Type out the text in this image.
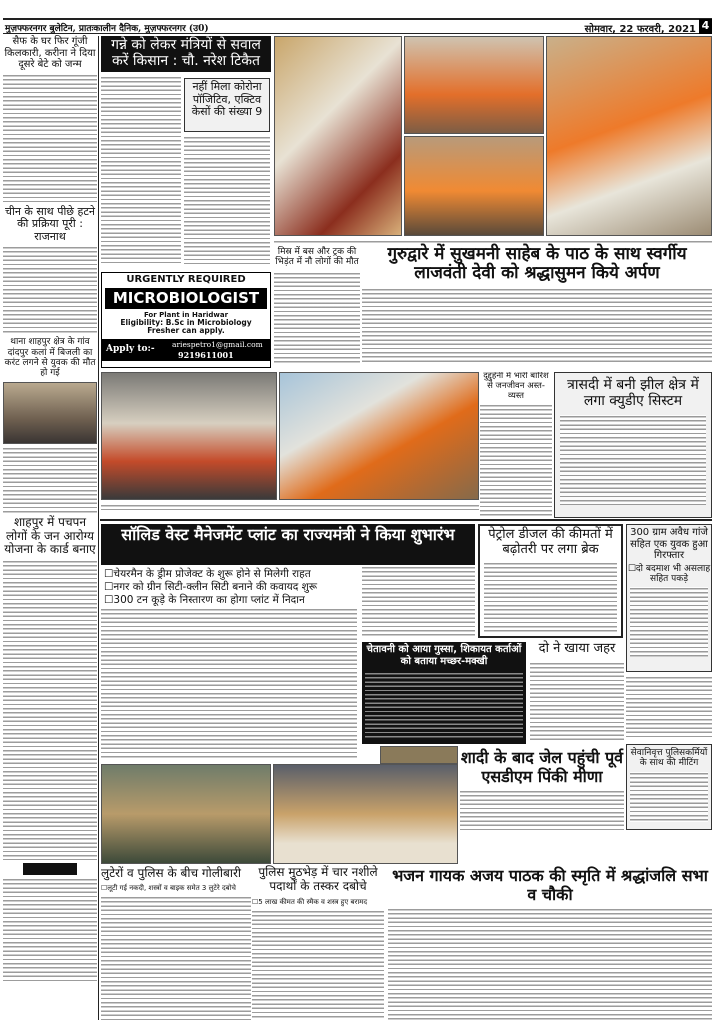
मुज़फ्फरनगर बुलेटिन, प्रातःकालीन दैनिक, मुज़फ्फरनगर (उ0)	सोमवार, 22 फरवरी, 2021 4
सैफ के घर फिर गूंजी किलकारी, करीना ने दिया दूसरे बेटे को जन्म
चीन के साथ पीछे हटने की प्रक्रिया पूरी : राजनाथ
थाना शाहपुर क्षेत्र के गांव दांदपुर कलां में बिजली का करंट लगने से युवक की मौत हो गई
शाहपुर में पचपन लोगों के जन आरोग्य योजना के कार्ड बनाए
गन्ने को लेकर मंत्रियों से सवाल करें किसान : चौ. नरेश टिकैत
नहीं मिला कोरोना पॉजिटिव, एक्टिव केसों की संख्या 9
URGENTLY REQUIRED
MICROBIOLOGIST
For Plant in Haridwar
Eligibility: B.Sc in Microbiology
Fresher can apply.
Apply to:- ariespetro1@gmail.com
9219611001
मिस्र में बस और ट्रक की भिड़ंत में नौ लोगों की मौत	गुरुद्वारे में सुखमनी साहेब के पाठ के साथ स्वर्गीय लाजवंती देवी को श्रद्धासुमन किये अर्पण
दुद्दुहेनी में भारी बारिश से जनजीवन अस्त-व्यस्त
त्रासदी में बनी झील क्षेत्र में लगा क्युडीए सिस्टम
सॉलिड वेस्ट मैनेजमेंट प्लांट का राज्यमंत्री ने किया शुभारंभ
☐चेयरमैन के ड्रीम प्रोजेक्ट के शुरू होने से मिलेगी राहत
☐नगर को ग्रीन सिटी-क्लीन सिटी बनाने की कवायद शुरू
☐300 टन कूड़े के निस्तारण का होगा प्लांट में निदान
पेट्रोल डीजल की कीमतों में बढ़ोतरी पर लगा ब्रेक
300 ग्राम अवैध गांजे सहित एक युवक हुआ गिरफ्तार
☐दो बदमाश भी असलाह सहित पकड़े
सेवानिवृत्त पुलिसकर्मियों के साथ की मीटिंग
चेतावनी को आया गुस्सा, शिकायत कर्ताओं को बताया मच्छर-मक्खी
दो ने खाया जहर
शादी के बाद जेल पहुंची पूर्व एसडीएम पिंकी मीणा
लुटेरों व पुलिस के बीच गोलीबारी
☐लूटी गई नकदी, शस्त्रों व बाइक समेत 3 लुटेरे दबोचे
पुलिस मुठभेड़ में चार नशीले पदार्थों के तस्कर दबोचे
☐5 लाख कीमत की स्मैक व शस्त्र हुए बरामद
भजन गायक अजय पाठक की स्मृति में श्रद्धांजलि सभा व चौकी
